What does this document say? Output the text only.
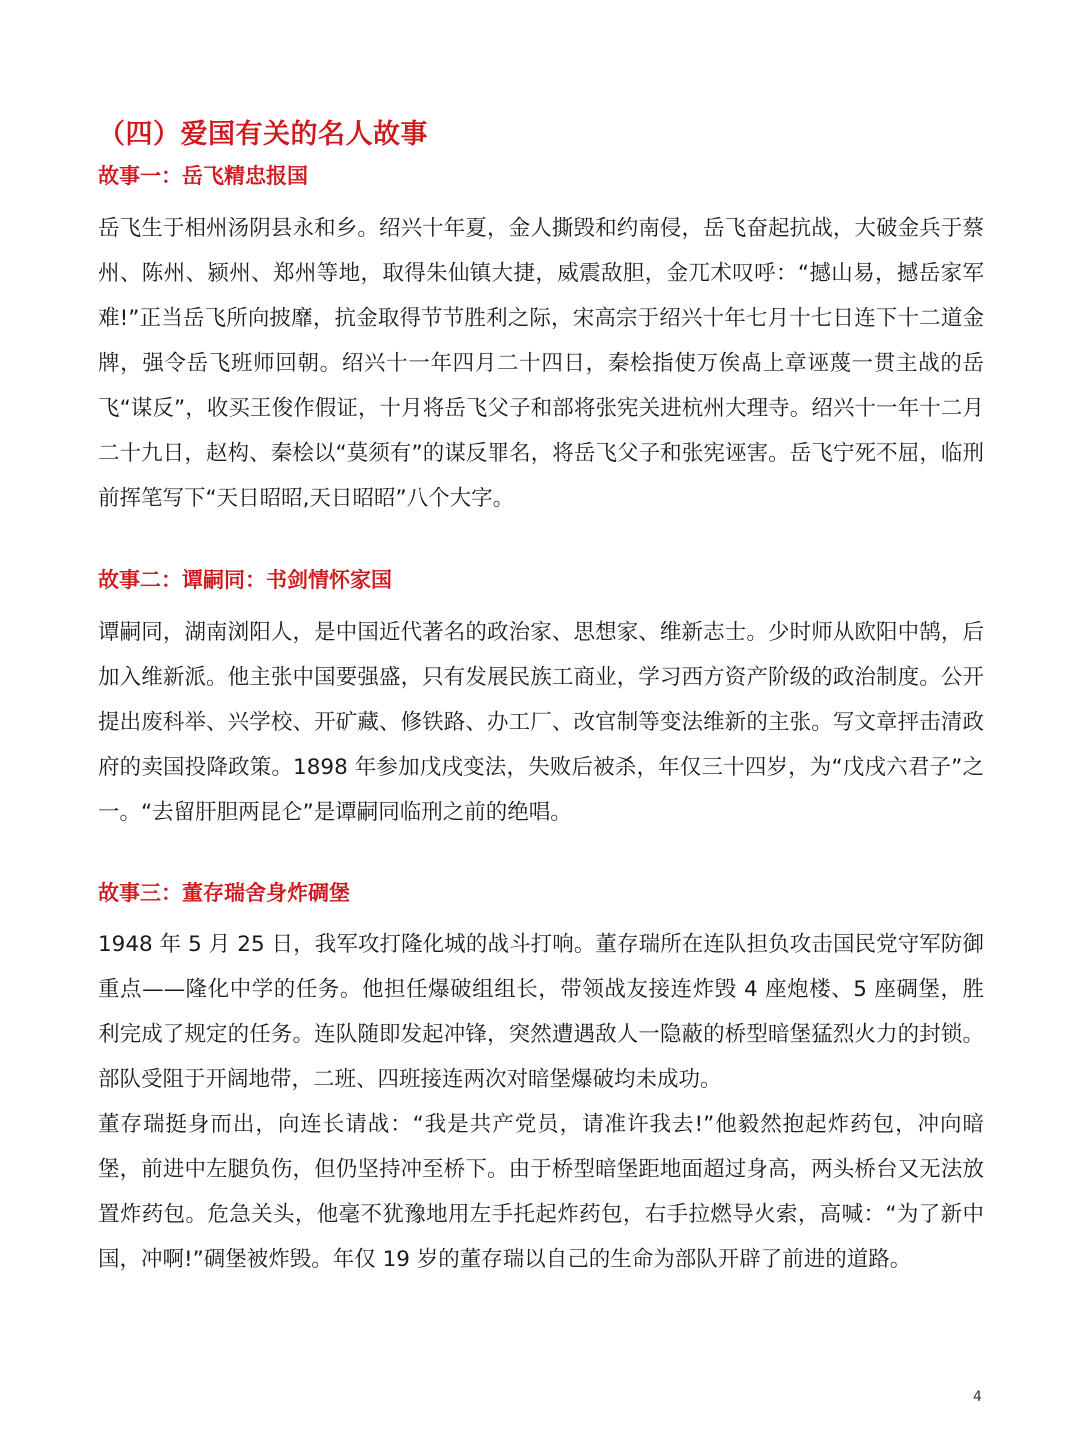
（四）爱国有关的名人故事
故事一：岳飞精忠报国

岳飞生于相州汤阴县永和乡。绍兴十年夏，金人撕毁和约南侵，岳飞奋起抗战，大破金兵于蔡州、陈州、颍州、郑州等地，取得朱仙镇大捷，威震敌胆，金兀术叹呼：“撼山易，撼岳家军难!”正当岳飞所向披靡，抗金取得节节胜利之际，宋高宗于绍兴十年七月十七日连下十二道金牌，强令岳飞班师回朝。绍兴十一年四月二十四日，秦桧指使万俟卨上章诬蔑一贯主战的岳飞“谋反”，收买王俊作假证，十月将岳飞父子和部将张宪关进杭州大理寺。绍兴十一年十二月二十九日，赵构、秦桧以“莫须有”的谋反罪名，将岳飞父子和张宪诬害。岳飞宁死不屈，临刑前挥笔写下“天日昭昭,天日昭昭”八个大字。

故事二：谭嗣同：书剑情怀家国

谭嗣同，湖南浏阳人，是中国近代著名的政治家、思想家、维新志士。少时师从欧阳中鹄，后加入维新派。他主张中国要强盛，只有发展民族工商业，学习西方资产阶级的政治制度。公开提出废科举、兴学校、开矿藏、修铁路、办工厂、改官制等变法维新的主张。写文章抨击清政府的卖国投降政策。1898 年参加戊戌变法，失败后被杀，年仅三十四岁，为“戊戌六君子”之一。“去留肝胆两昆仑”是谭嗣同临刑之前的绝唱。

故事三：董存瑞舍身炸碉堡

1948 年 5 月 25 日，我军攻打隆化城的战斗打响。董存瑞所在连队担负攻击国民党守军防御重点——隆化中学的任务。他担任爆破组组长，带领战友接连炸毁 4 座炮楼、5 座碉堡，胜利完成了规定的任务。连队随即发起冲锋，突然遭遇敌人一隐蔽的桥型暗堡猛烈火力的封锁。部队受阻于开阔地带，二班、四班接连两次对暗堡爆破均未成功。

董存瑞挺身而出，向连长请战：“我是共产党员，请准许我去!”他毅然抱起炸药包，冲向暗堡，前进中左腿负伤，但仍坚持冲至桥下。由于桥型暗堡距地面超过身高，两头桥台又无法放置炸药包。危急关头，他毫不犹豫地用左手托起炸药包，右手拉燃导火索，高喊：“为了新中国，冲啊!”碉堡被炸毁。年仅 19 岁的董存瑞以自己的生命为部队开辟了前进的道路。

4
